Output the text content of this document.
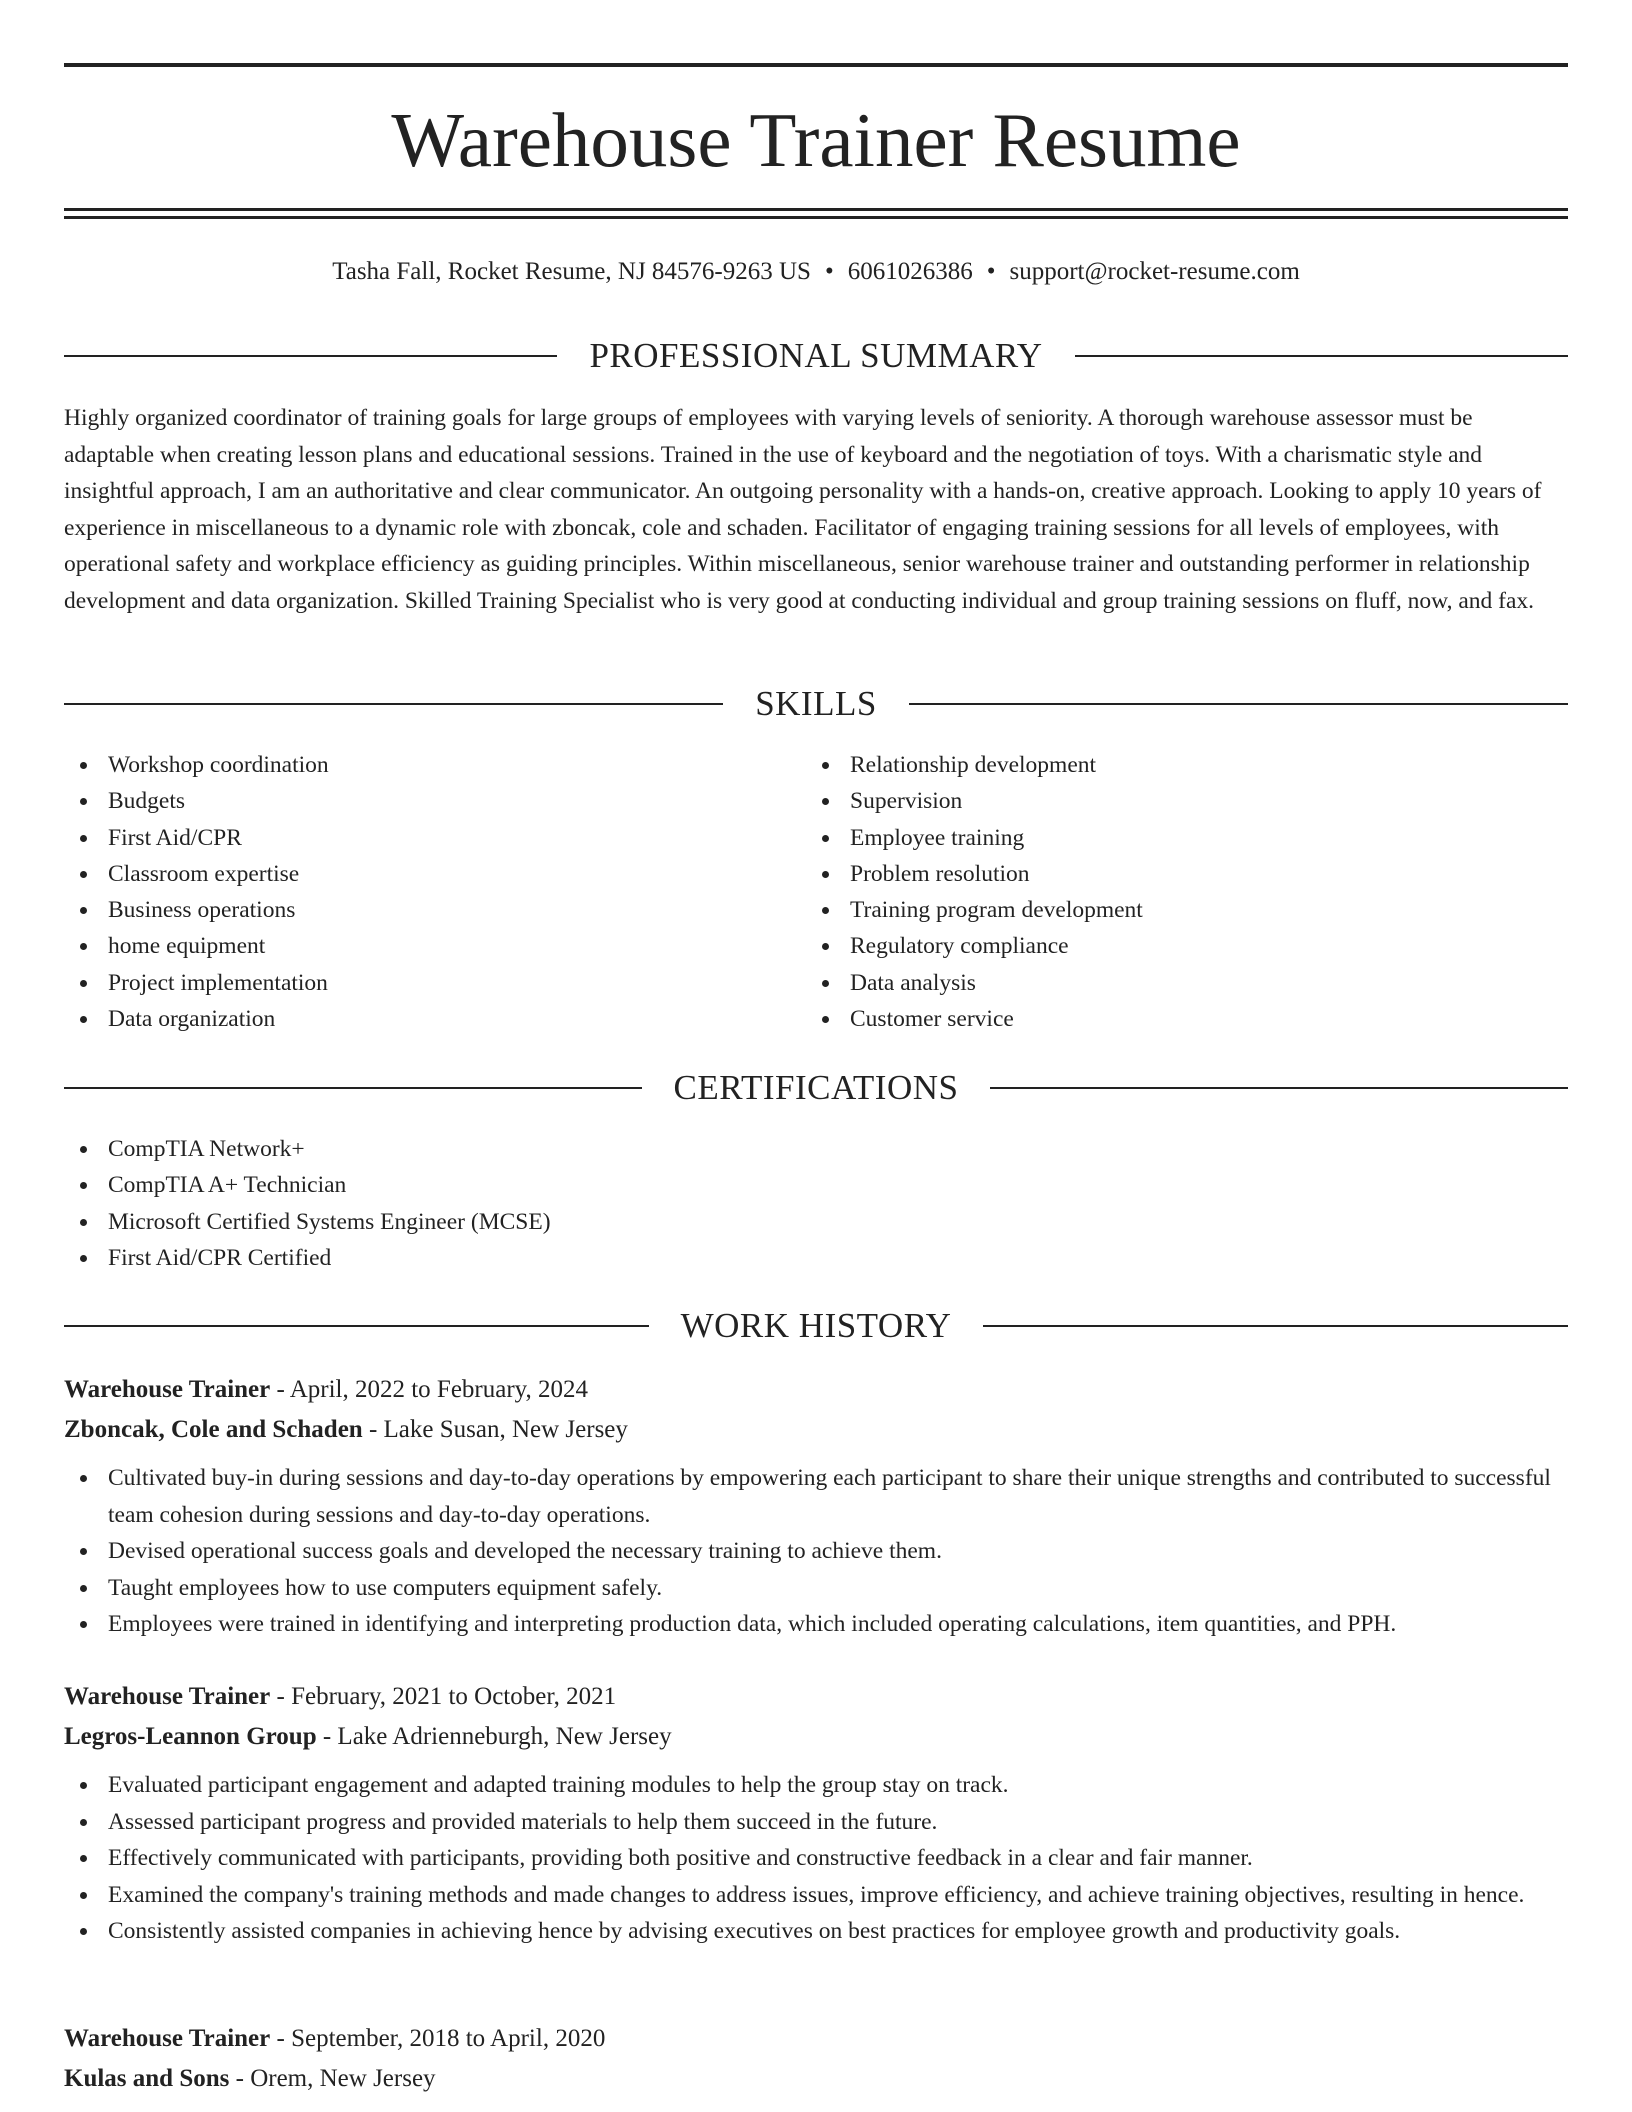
Warehouse Trainer Resume
Tasha Fall, Rocket Resume, NJ 84576-9263 US • 6061026386 • support@rocket-resume.com
PROFESSIONAL SUMMARY

Highly organized coordinator of training goals for large groups of employees with varying levels of seniority. A thorough warehouse assessor must be adaptable when creating lesson plans and educational sessions. Trained in the use of keyboard and the negotiation of toys. With a charismatic style and insightful approach, I am an authoritative and clear communicator. An outgoing personality with a hands-on, creative approach. Looking to apply 10 years of experience in miscellaneous to a dynamic role with zboncak, cole and schaden. Facilitator of engaging training sessions for all levels of employees, with operational safety and workplace efficiency as guiding principles. Within miscellaneous, senior warehouse trainer and outstanding performer in relationship development and data organization. Skilled Training Specialist who is very good at conducting individual and group training sessions on fluff, now, and fax.

SKILLS
Workshop coordination
Budgets
First Aid/CPR
Classroom expertise
Business operations
home equipment
Project implementation
Data organization
Relationship development
Supervision
Employee training
Problem resolution
Training program development
Regulatory compliance
Data analysis
Customer service
CERTIFICATIONS
CompTIA Network+
CompTIA A+ Technician
Microsoft Certified Systems Engineer (MCSE)
First Aid/CPR Certified
WORK HISTORY
Warehouse Trainer - April, 2022 to February, 2024
Zboncak, Cole and Schaden - Lake Susan, New Jersey
Cultivated buy-in during sessions and day-to-day operations by empowering each participant to share their unique strengths and contributed to successful team cohesion during sessions and day-to-day operations.
Devised operational success goals and developed the necessary training to achieve them.
Taught employees how to use computers equipment safely.
Employees were trained in identifying and interpreting production data, which included operating calculations, item quantities, and PPH.
Warehouse Trainer - February, 2021 to October, 2021
Legros-Leannon Group - Lake Adrienneburgh, New Jersey
Evaluated participant engagement and adapted training modules to help the group stay on track.
Assessed participant progress and provided materials to help them succeed in the future.
Effectively communicated with participants, providing both positive and constructive feedback in a clear and fair manner.
Examined the company's training methods and made changes to address issues, improve efficiency, and achieve training objectives, resulting in hence.
Consistently assisted companies in achieving hence by advising executives on best practices for employee growth and productivity goals.
Warehouse Trainer - September, 2018 to April, 2020
Kulas and Sons - Orem, New Jersey
